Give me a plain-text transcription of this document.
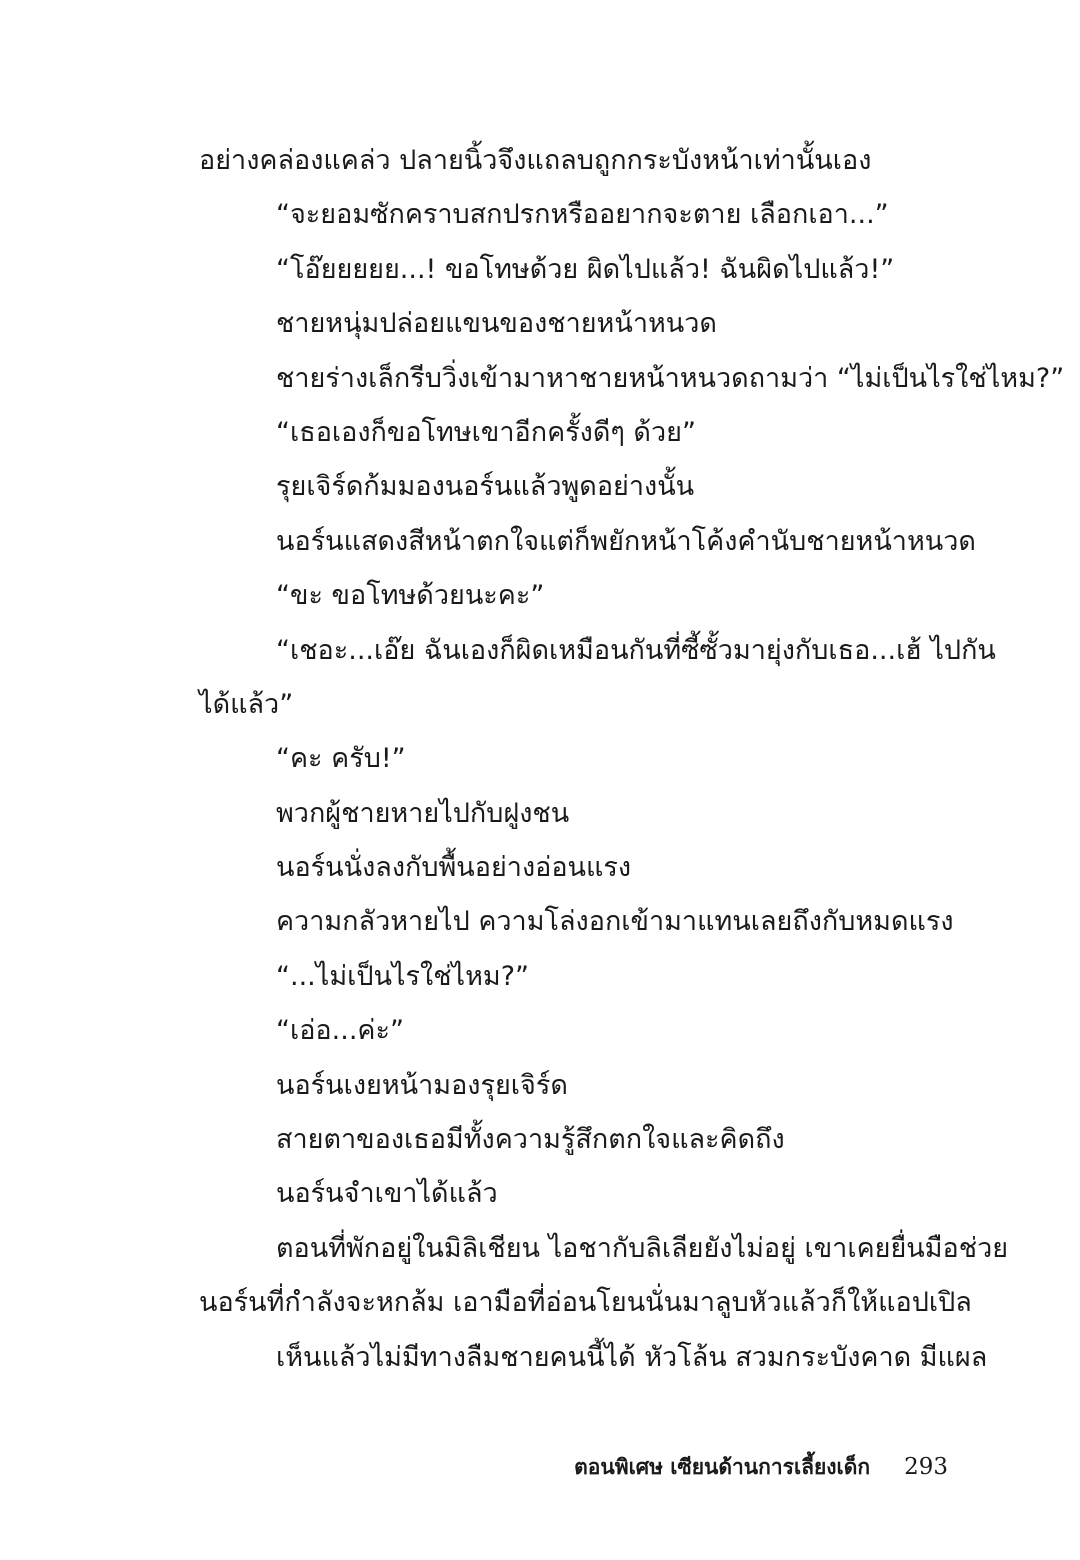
อย่างคล่องแคล่ว ปลายนิ้วจึงแถลบถูกกระบังหน้าเท่านั้นเอง
“จะยอมซักคราบสกปรกหรืออยากจะตาย เลือกเอา...”
“โอ๊ยยยยย...! ขอโทษด้วย ผิดไปแล้ว! ฉันผิดไปแล้ว!”
ชายหนุ่มปล่อยแขนของชายหน้าหนวด
ชายร่างเล็กรีบวิ่งเข้ามาหาชายหน้าหนวดถามว่า “ไม่เป็นไรใช่ไหม?”
“เธอเองก็ขอโทษเขาอีกครั้งดีๆ ด้วย”
รุยเจิร์ดก้มมองนอร์นแล้วพูดอย่างนั้น
นอร์นแสดงสีหน้าตกใจแต่ก็พยักหน้าโค้งคำนับชายหน้าหนวด
“ขะ ขอโทษด้วยนะคะ”
“เชอะ...เอ๊ย ฉันเองก็ผิดเหมือนกันที่ซี้ซั้วมายุ่งกับเธอ...เฮ้ ไปกัน
ได้แล้ว”
“คะ ครับ!”
พวกผู้ชายหายไปกับฝูงชน
นอร์นนั่งลงกับพื้นอย่างอ่อนแรง
ความกลัวหายไป ความโล่งอกเข้ามาแทนเลยถึงกับหมดแรง
“...ไม่เป็นไรใช่ไหม?”
“เอ่อ...ค่ะ”
นอร์นเงยหน้ามองรุยเจิร์ด
สายตาของเธอมีทั้งความรู้สึกตกใจและคิดถึง
นอร์นจำเขาได้แล้ว
ตอนที่พักอยู่ในมิลิเชียน ไอชากับลิเลียยังไม่อยู่ เขาเคยยื่นมือช่วย
นอร์นที่กำลังจะหกล้ม เอามือที่อ่อนโยนนั่นมาลูบหัวแล้วก็ให้แอปเปิล
เห็นแล้วไม่มีทางลืมชายคนนี้ได้ หัวโล้น สวมกระบังคาด มีแผล
ตอนพิเศษ เซียนด้านการเลี้ยงเด็ก 293
